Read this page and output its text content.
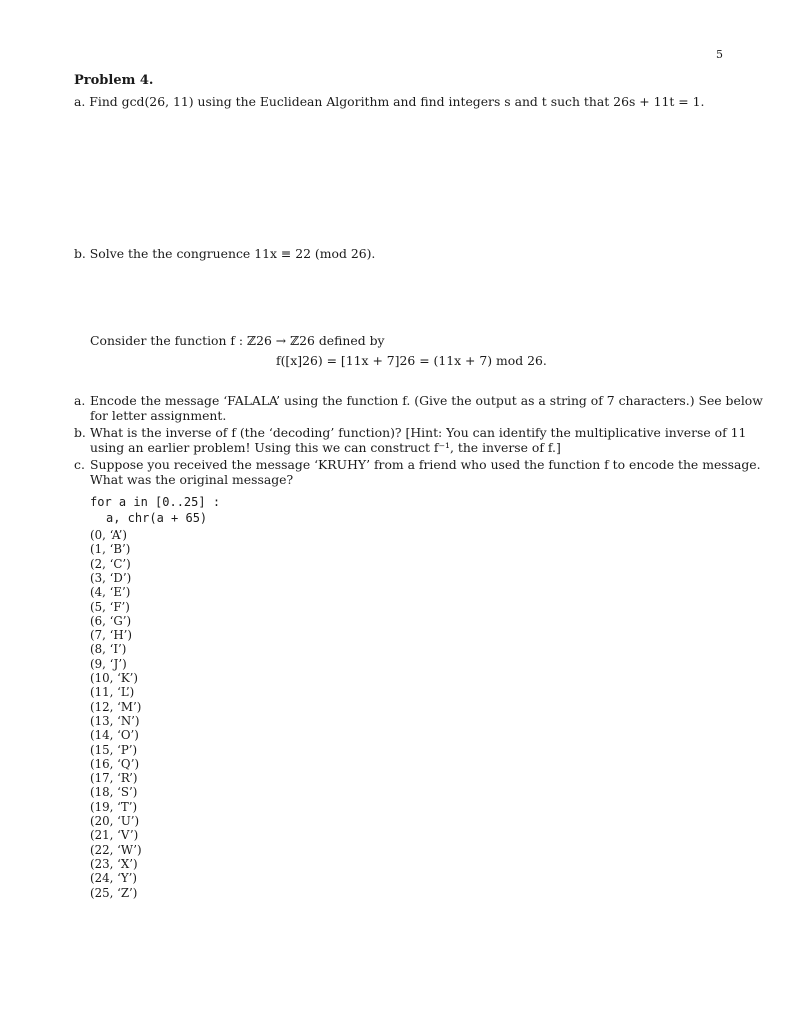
5
Problem 4.
a. Find gcd(26, 11) using the Euclidean Algorithm and find integers s and t such that 26s + 11t = 1.
b. Solve the the congruence 11x ≡ 22 (mod 26).
Consider the function f : ℤ26 → ℤ26 defined by
f([x]26) = [11x + 7]26 = (11x + 7) mod 26.
a. Encode the message ‘FALALA’ using the function f. (Give the output as a string of 7 characters.) See below
for letter assignment.
b. What is the inverse of f (the ‘decoding’ function)? [Hint: You can identify the multiplicative inverse of 11
using an earlier problem! Using this we can construct f⁻¹, the inverse of f.]
c. Suppose you received the message ‘KRUHY’ from a friend who used the function f to encode the message.
What was the original message?
for a in [0..25] :
a, chr(a + 65)
(0, ‘A’)
(1, ‘B’)
(2, ‘C’)
(3, ‘D’)
(4, ‘E’)
(5, ‘F’)
(6, ‘G’)
(7, ‘H’)
(8, ‘I’)
(9, ‘J’)
(10, ‘K’)
(11, ‘L’)
(12, ‘M’)
(13, ‘N’)
(14, ‘O’)
(15, ‘P’)
(16, ‘Q’)
(17, ‘R’)
(18, ‘S’)
(19, ‘T’)
(20, ‘U’)
(21, ‘V’)
(22, ‘W’)
(23, ‘X’)
(24, ‘Y’)
(25, ‘Z’)
